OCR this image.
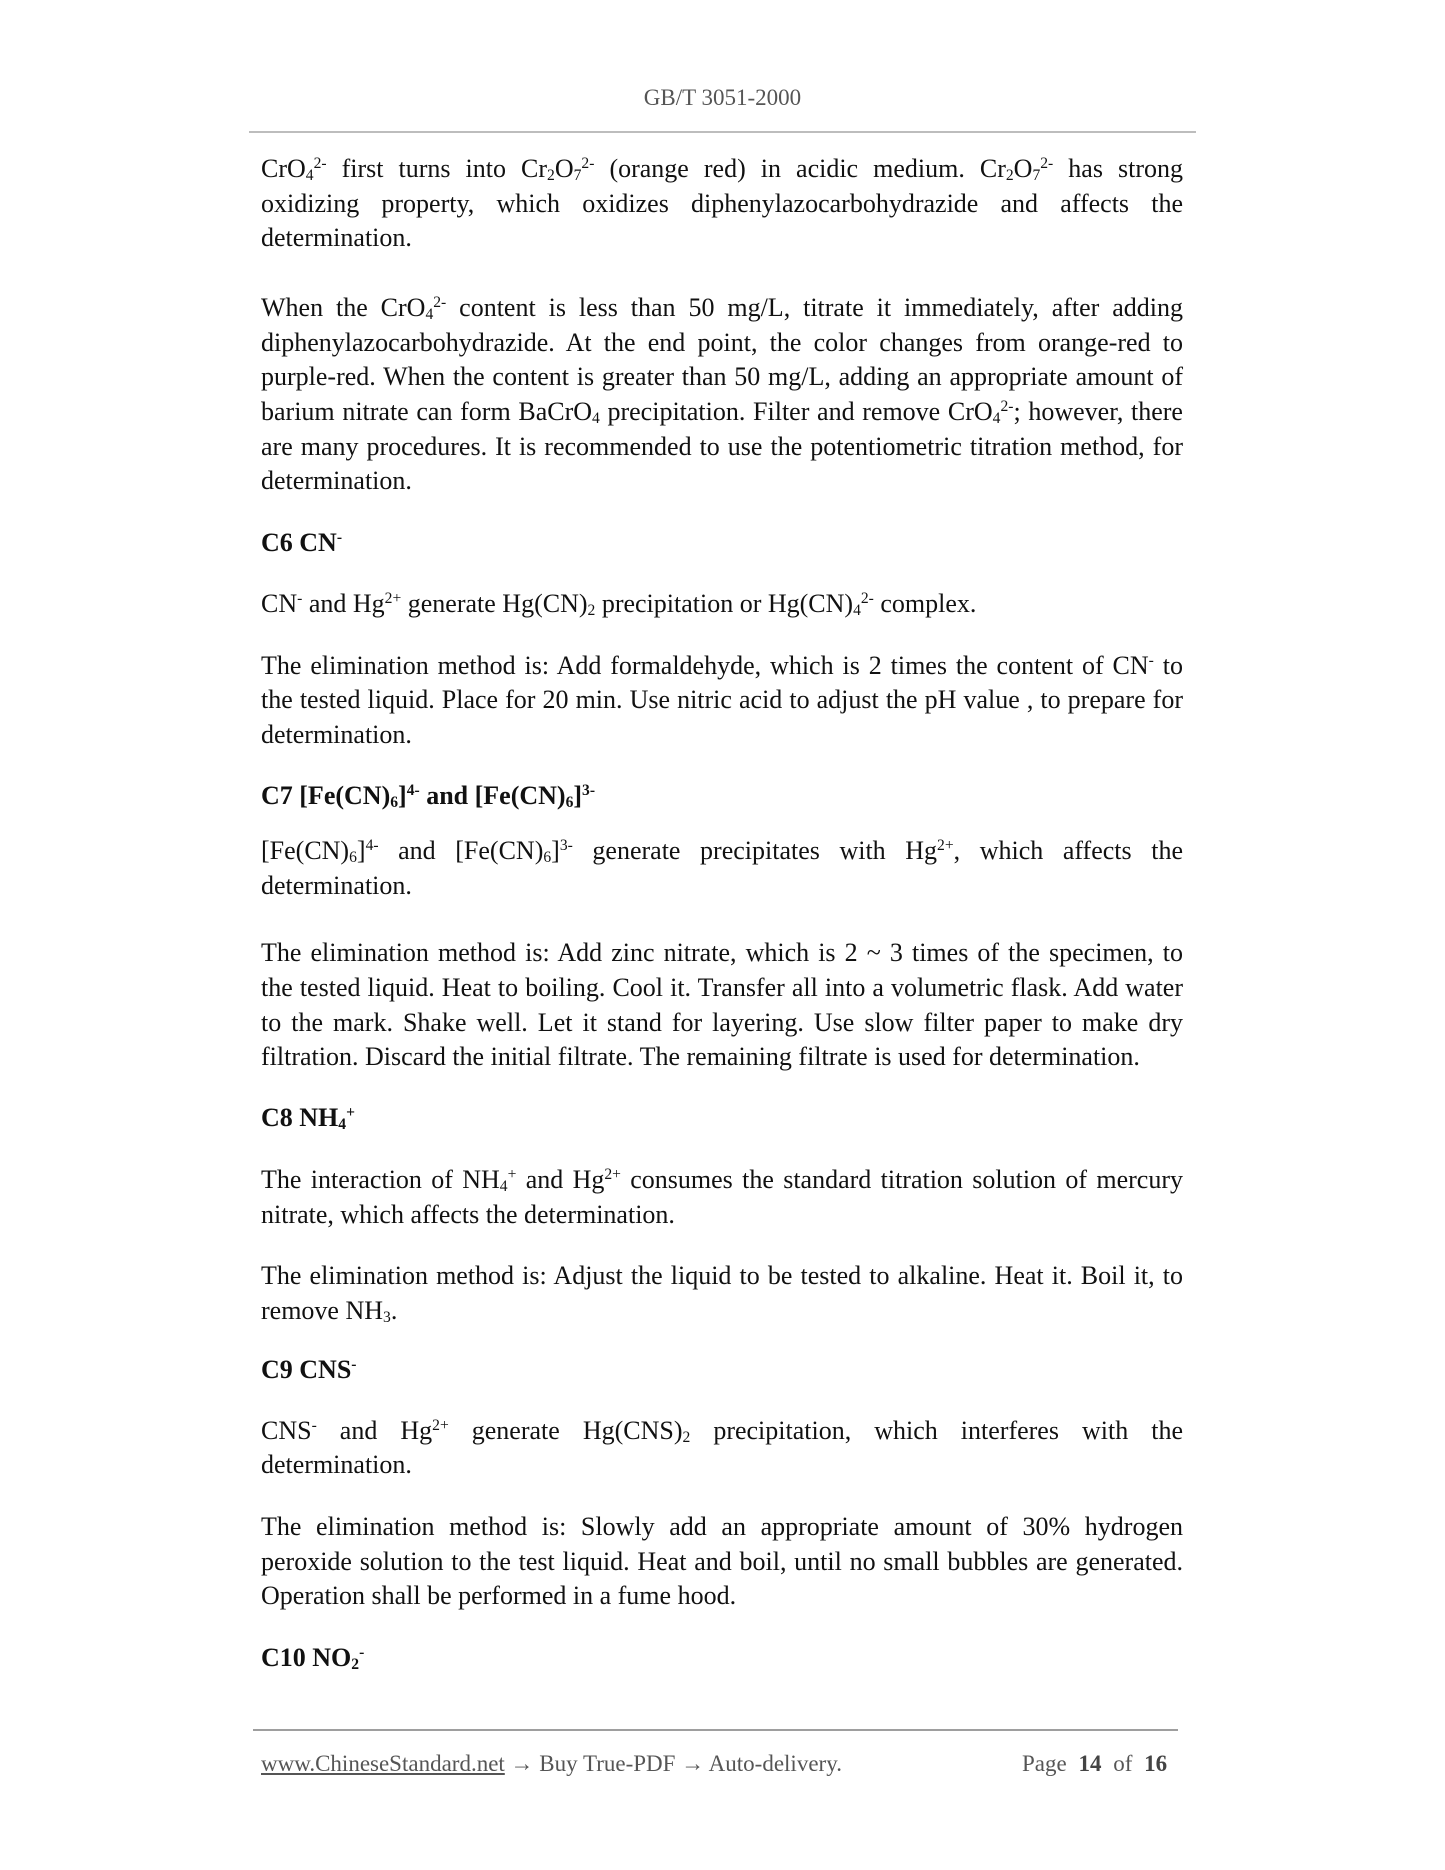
GB/T 3051-2000
CrO$_4^{2-}$ first turns into $Cr_2O_7^{2-}$ (orange red) in acidic medium. $Cr_2O_7^{2-}$ has strong
oxidizing property, which oxidizes diphenylazocarbohydrazide and affects the
determination.
When the CrO$_4^{2-}$ content is less than 50 mg/L, titrate it immediately, after adding
diphenylazocarbohydrazide. At the end point, the color changes from orange-red to
purple-red. When the content is greater than 50 mg/L, adding an appropriate amount of
barium nitrate can form BaCrO$_4$ precipitation. Filter and remove CrO$_4^{2-}$; however, there
are many procedures. It is recommended to use the potentiometric titration method, for
determination.
C6 CN-
CN- and $Hg^{2+}$ generate $Hg(CN)_2$ precipitation or $Hg(CN)_4^{2-}$ complex.
The elimination method is: Add formaldehyde, which is 2 times the content of CN- to
the tested liquid. Place for 20 min. Use nitric acid to adjust the pH value , to prepare for
determination.
C7 $[Fe(CN)_6]^{4-}$ and $[Fe(CN)_6]^{3-}$
$[Fe(CN)_6]^{4-}$ and $[Fe(CN)_6]^{3-}$ generate precipitates with $Hg^{2+}$, which affects the
determination.
The elimination method is: Add zinc nitrate, which is 2 ~ 3 times of the specimen, to
the tested liquid. Heat to boiling. Cool it. Transfer all into a volumetric flask. Add water
to the mark. Shake well. Let it stand for layering. Use slow filter paper to make dry
filtration. Discard the initial filtrate. The remaining filtrate is used for determination.
C8 $NH_4^+$
The interaction of $NH_4^+$ and $Hg^{2+}$ consumes the standard titration solution of mercury
nitrate, which affects the determination.
The elimination method is: Adjust the liquid to be tested to alkaline. Heat it. Boil it, to
remove $NH_3$.
C9 CNS-
CNS- and $Hg^{2+}$ generate $Hg(CNS)_2$ precipitation, which interferes with the
determination.
The elimination method is: Slowly add an appropriate amount of 30% hydrogen
peroxide solution to the test liquid. Heat and boil, until no small bubbles are generated.
Operation shall be performed in a fume hood.
C10 $NO_2^-$
www.ChineseStandard.net → Buy True-PDF → Auto-delivery.	Page 14 of 16
